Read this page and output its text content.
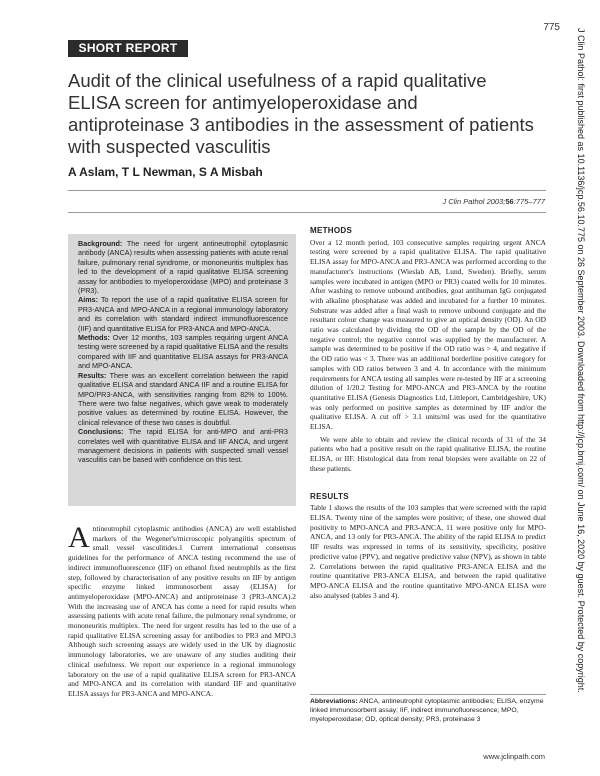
775
SHORT REPORT
Audit of the clinical usefulness of a rapid qualitative ELISA screen for antimyeloperoxidase and antiproteinase 3 antibodies in the assessment of patients with suspected vasculitis
A Aslam, T L Newman, S A Misbah
J Clin Pathol 2003;56:775–777

Background: The need for urgent antineutrophil cytoplasmic antibody (ANCA) results when assessing patients with acute renal failure, pulmonary renal syndrome, or mononeuritis multiplex has led to the development of a rapid qualitative ELISA screening assay for antibodies to myeloperoxidase (MPO) and proteinase 3 (PR3).

Aims: To report the use of a rapid qualitative ELISA screen for PR3-ANCA and MPO-ANCA in a regional immunology laboratory and its correlation with standard indirect immunofluorescence (IIF) and quantitative ELISA for PR3-ANCA and MPO-ANCA.

Methods: Over 12 months, 103 samples requiring urgent ANCA testing were screened by a rapid qualitative ELISA and the results compared with IIF and quantitative ELISA assays for PR3-ANCA and MPO-ANCA.

Results: There was an excellent correlation between the rapid qualitative ELISA and standard ANCA IIF and a routine ELISA for MPO/PR3-ANCA, with sensitivities ranging from 82% to 100%. There were two false negatives, which gave weak to moderately positive values as determined by routine ELISA. However, the clinical relevance of these two cases is doubtful.

Conclusions: The rapid ELISA for anti-MPO and anti-PR3 correlates well with quantitative ELISA and IIF ANCA, and urgent management decisions in patients with suspected small vessel vasculitis can be based with confidence on this test.

A ntineutrophil cytoplasmic antibodies (ANCA) are well established markers of the Wegener's/microscopic polyangiitis spectrum of small vessel vasculitides.1 Current international consensus guidelines for the performance of ANCA testing recommend the use of indirect immunofluorescence (IIF) on ethanol fixed neutrophils as the first step, followed by characterisation of any positive results on IIF by antigen specific enzyme linked immunosorbent assay (ELISA) for antimyeloperoxidase (MPO-ANCA) and antiproteinase 3 (PR3-ANCA).2 With the increasing use of ANCA has come a need for rapid results when assessing patients with acute renal failure, the pulmonary renal syndrome, or mononeuritis multiplex. The need for urgent results has led to the use of a rapid qualitative ELISA screening assay for antibodies to PR3 and MPO.3 Although such screening assays are widely used in the UK by diagnostic immunology laboratories, we are unaware of any studies auditing their clinical usefulness. We report our experience in a regional immunology laboratory on the use of a rapid qualitative ELISA screen for PR3-ANCA and MPO-ANCA and its correlation with standard IIF and quantitative ELISA assays for PR3-ANCA and MPO-ANCA.

METHODS

Over a 12 month period, 103 consecutive samples requiring urgent ANCA testing were screened by a rapid qualitative ELISA. The rapid qualitative ELISA assay for MPO-ANCA and PR3-ANCA was performed according to the manufacturer's instructions (Wieslab AB, Lund, Sweden). Briefly, serum samples were incubated in antigen (MPO or PR3) coated wells for 10 minutes. After washing to remove unbound antibodies, goat antihuman IgG conjugated with alkaline phosphatase was added and incubated for a further 10 minutes. Substrate was added after a final wash to remove unbound conjugate and the resultant colour change was measured to give an optical density (OD). An OD ratio was calculated by dividing the OD of the sample by the OD of the negative control; the negative control was supplied by the manufacturer. A sample was determined to be positive if the OD ratio was > 4, and negative if the OD ratio was < 3. There was an additional borderline positive category for samples with OD ratios between 3 and 4. In accordance with the minimum requirements for ANCA testing all samples were re-tested by IIF at a screening dilution of 1/20.2 Testing for MPO-ANCA and PR3-ANCA by the routine quantitative ELISA (Genesis Diagnostics Ltd, Littleport, Cambridgeshire, UK) was only performed on positive samples as determined by IIF and/or the qualitative ELISA. A cut off > 3.1 units/ml was used for the quantitative ELISA.

We were able to obtain and review the clinical records of 31 of the 34 patients who had a positive result on the rapid qualitative ELISA, the routine ELISA, or IIF. Histological data from renal biopsies were available on 22 of these patients.

RESULTS

Table 1 shows the results of the 103 samples that were screened with the rapid ELISA. Twenty nine of the samples were positive; of these, one showed dual positivity to MPO-ANCA and PR3-ANCA, 11 were positive only for MPO-ANCA, and 13 only for PR3-ANCA. The ability of the rapid ELISA to predict IIF results was expressed in terms of its sensitivity, specificity, positive predictive value (PPV), and negative predictive value (NPV), as shown in table 2. Correlations between the rapid qualitative PR3-ANCA ELISA and the routine quantitative PR3-ANCA ELISA, and between the rapid qualitative MPO-ANCA ELISA and the routine quantitative MPO-ANCA ELISA were also analysed (tables 3 and 4).

Abbreviations: ANCA, antineutrophil cytoplasmic antibodies; ELISA, enzyme linked immunosorbent assay; IIF, indirect immunofluorescence; MPO, myeloperoxidase; OD, optical density; PR3, proteinase 3
www.jclinpath.com
J Clin Pathol: first published as 10.1136/jcp.56.10.775 on 26 September 2003. Downloaded from http://jcp.bmj.com/ on June 16, 2020 by guest. Protected by copyright.
